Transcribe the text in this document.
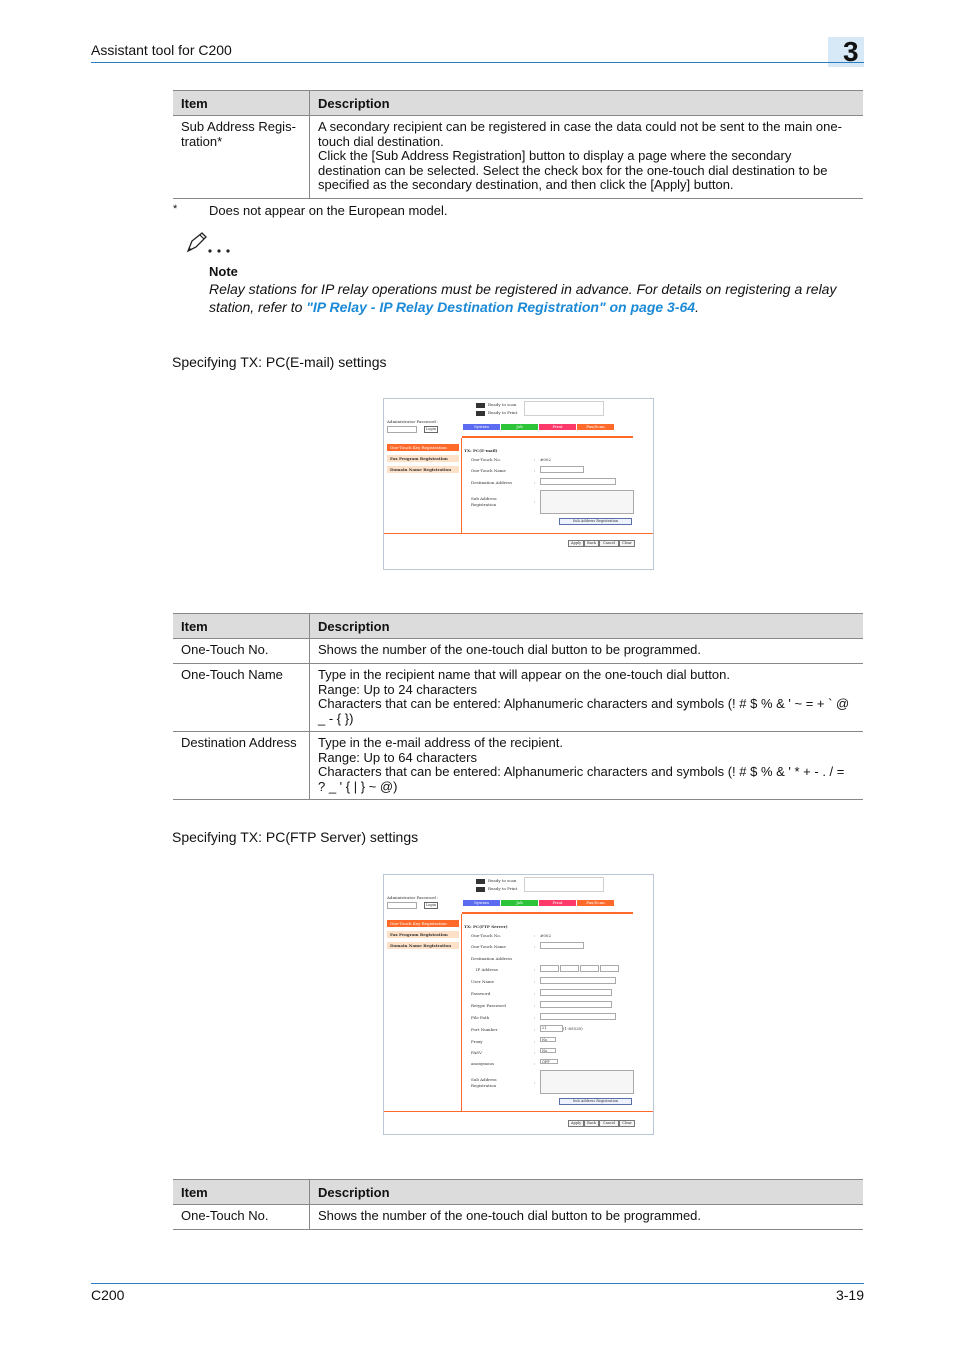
Assistant tool for C200	3
Item	Description

Sub Address Regis-
tration*	A secondary recipient can be registered in case the data could not be sent to the main one-touch dial destination.
Click the [Sub Address Registration] button to display a page where the secondary destination can be selected. Select the check box for the one-touch dial destination to be specified as the secondary destination, and then click the [Apply] button.
* Does not appear on the European model.
Note
Relay stations for IP relay operations must be registered in advance. For details on registering a relay station, refer to "IP Relay - IP Relay Destination Registration" on page 3-64.
Specifying TX: PC(E-mail) settings
Ready to scan
Ready to Print
Administrator Password :
Login	System	Job	Print	Fax/Scan
One-Touch Key Registration
Fax Program Registration
Domain Name Registration
TX: PC(E-mail)
One-Touch No.	: #002
One-Touch Name	:
Destination Address	:
Sub Address
Registration
:
Sub Address Registration
Apply	Back	Cancel	Clear
Item	Description
One-Touch No.	Shows the number of the one-touch dial button to be programmed.

One-Touch Name	Type in the recipient name that will appear on the one-touch dial button.
Range: Up to 24 characters
Characters that can be entered: Alphanumeric characters and symbols (! # $ % & ' ~ = + ` @ _ - { })

Destination Address	Type in the e-mail address of the recipient.
Range: Up to 64 characters
Characters that can be entered: Alphanumeric characters and symbols (! # $ % & ' * + - . / = ? _ ' { | } ~ @)
Specifying TX: PC(FTP Server) settings
Ready to scan
Ready to Print
Administrator Password :
Login	System	Job	Print	Fax/Scan
One-Touch Key Registration
Fax Program Registration
Domain Name Registration
TX: PC(FTP Server)
One-Touch No.	: #002
One-Touch Name	:
Destination Address
IP Address	:
User Name	:
Password	:
Retype Password	:
File Path	:
Port Number	:	21	(1-65535)
Proxy	:	No
PASV	:	No
anonymous	:	OFF
Sub Address
Registration
:
Sub Address Registration
Apply	Back	Cancel	Clear
Item	Description
One-Touch No.	Shows the number of the one-touch dial button to be programmed.
C200	3-19
